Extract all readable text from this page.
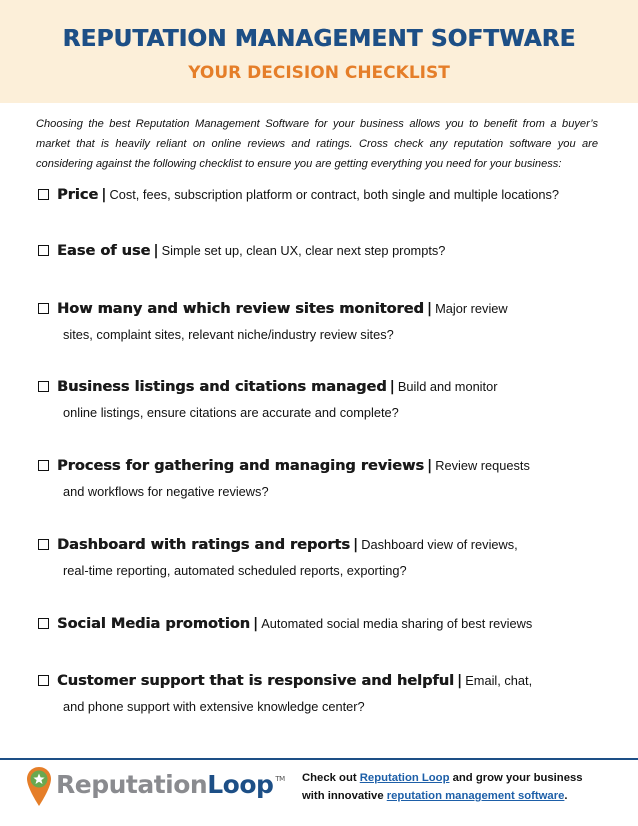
REPUTATION MANAGEMENT SOFTWARE
YOUR DECISION CHECKLIST
Choosing the best Reputation Management Software for your business allows you to benefit from a buyer’s market that is heavily reliant on online reviews and ratings. Cross check any reputation software you are considering against the following checklist to ensure you are getting everything you need for your business:
Price | Cost, fees, subscription platform or contract, both single and multiple locations?
Ease of use | Simple set up, clean UX, clear next step prompts?
How many and which review sites monitored | Major review
sites, complaint sites, relevant niche/industry review sites?
Business listings and citations managed | Build and monitor
online listings, ensure citations are accurate and complete?
Process for gathering and managing reviews | Review requests
and workflows for negative reviews?
Dashboard with ratings and reports | Dashboard view of reviews,
real-time reporting, automated scheduled reports, exporting?
Social Media promotion | Automated social media sharing of best reviews
Customer support that is responsive and helpful | Email, chat,
and phone support with extensive knowledge center?
ReputationLoop ™ Check out Reputation Loop and grow your business
with innovative reputation management software.
